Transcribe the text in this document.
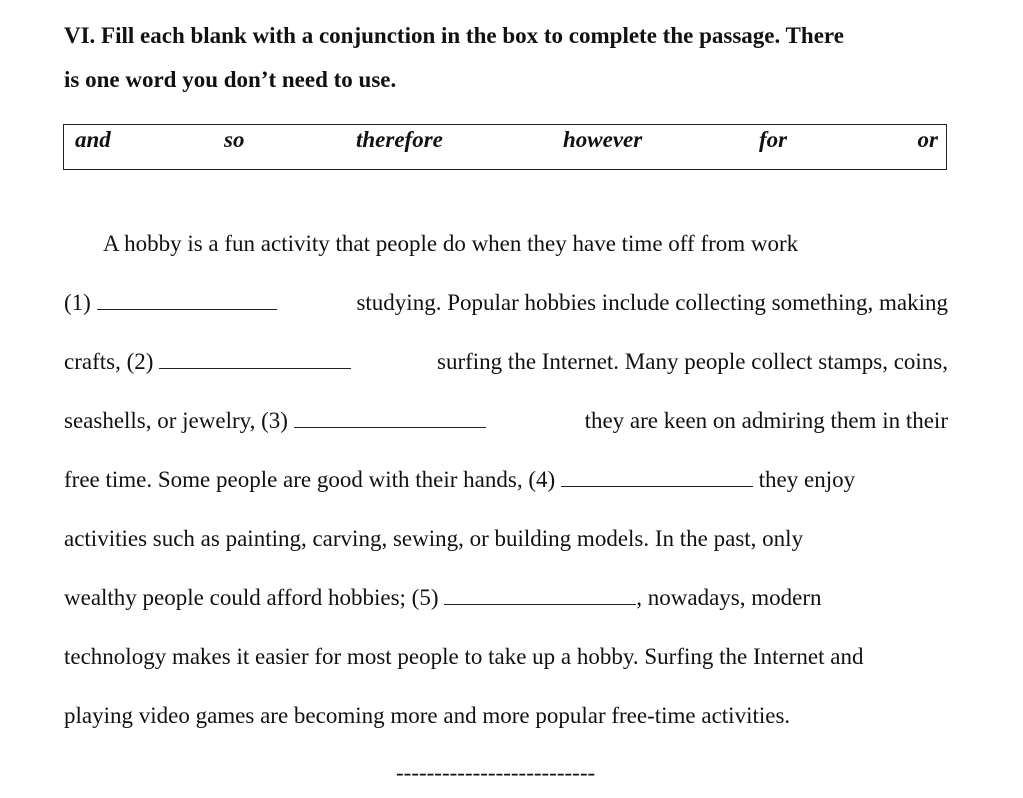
VI. Fill each blank with a conjunction in the box to complete the passage. There
is one word you don’t need to use.

and	so	therefore	however	for	or
A hobby is a fun activity that people do when they have time off from work
(1)	studying. Popular hobbies include collecting something, making
crafts, (2)	surfing the Internet. Many people collect stamps, coins,
seashells, or jewelry, (3)	they are keen on admiring them in their
free time. Some people are good with their hands, (4)	they enjoy
activities such as painting, carving, sewing, or building models. In the past, only
wealthy people could afford hobbies; (5)	, nowadays, modern
technology makes it easier for most people to take up a hobby. Surfing the Internet and
playing video games are becoming more and more popular free-time activities.
--------------------------
